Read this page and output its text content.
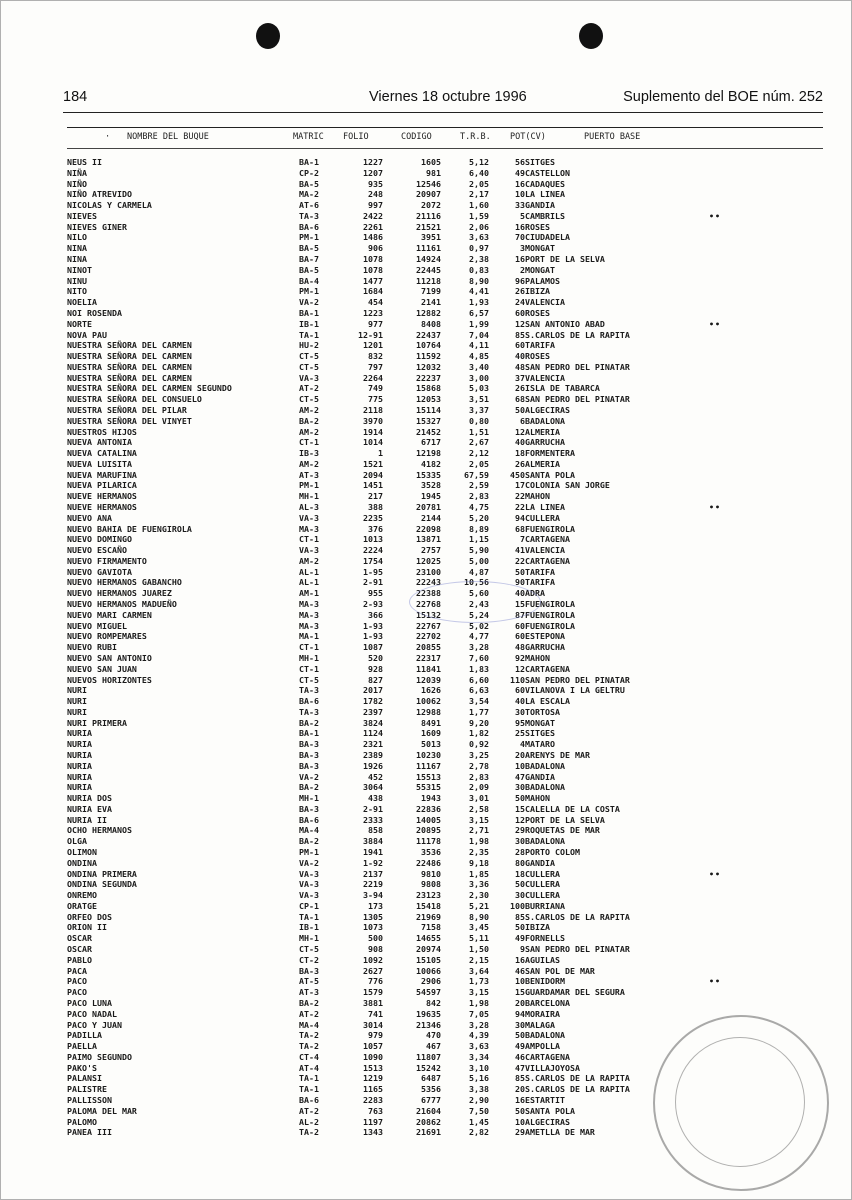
184	Viernes 18 octubre 1996	Suplemento del BOE núm. 252
· NOMBRE DEL BUQUE	MATRIC FOLIO	CODIGO	T.R.B. POT(CV)	PUERTO BASE
NEUS II	BA-1	1227	1605	5,12	56	SITGES	
NIÑA	CP-2	1207	981	6,40	49	CASTELLON	
NIÑO	BA-5	935	12546	2,05	16	CADAQUES	
NIÑO ATREVIDO	MA-2	248	20907	2,17	10	LA LINEA	
NICOLAS Y CARMELA	AT-6	997	2072	1,60	33	GANDIA	
NIEVES	TA-3	2422	21116	1,59	5	CAMBRILS	••
NIEVES GINER	BA-6	2261	21521	2,06	16	ROSES	
NILO	PM-1	1486	3951	3,63	70	CIUDADELA	
NINA	BA-5	906	11161	0,97	3	MONGAT	
NINA	BA-7	1078	14924	2,38	16	PORT DE LA SELVA	
NINOT	BA-5	1078	22445	0,83	2	MONGAT	
NINU	BA-4	1477	11218	8,90	96	PALAMOS	
NITO	PM-1	1684	7199	4,41	26	IBIZA	
NOELIA	VA-2	454	2141	1,93	24	VALENCIA	
NOI ROSENDA	BA-1	1223	12882	6,57	60	ROSES	
NORTE	IB-1	977	8408	1,99	12	SAN ANTONIO ABAD	••
NOVA PAU	TA-1	12-91	22437	7,04	85	S.CARLOS DE LA RAPITA	
NUESTRA SEÑORA DEL CARMEN	HU-2	1201	10764	4,11	60	TARIFA	
NUESTRA SEÑORA DEL CARMEN	CT-5	832	11592	4,85	40	ROSES	
NUESTRA SEÑORA DEL CARMEN	CT-5	797	12032	3,40	48	SAN PEDRO DEL PINATAR	
NUESTRA SEÑORA DEL CARMEN	VA-3	2264	22237	3,00	37	VALENCIA	
NUESTRA SEÑORA DEL CARMEN SEGUNDO	AT-2	749	15868	5,03	26	ISLA DE TABARCA	
NUESTRA SEÑORA DEL CONSUELO	CT-5	775	12053	3,51	68	SAN PEDRO DEL PINATAR	
NUESTRA SEÑORA DEL PILAR	AM-2	2118	15114	3,37	50	ALGECIRAS	
NUESTRA SEÑORA DEL VINYET	BA-2	3970	15327	0,80	6	BADALONA	
NUESTROS HIJOS	AM-2	1914	21452	1,51	12	ALMERIA	
NUEVA ANTONIA	CT-1	1014	6717	2,67	40	GARRUCHA	
NUEVA CATALINA	IB-3	1	12198	2,12	18	FORMENTERA	
NUEVA LUISITA	AM-2	1521	4182	2,05	26	ALMERIA	
NUEVA MARUFINA	AT-3	2094	15335	67,59	450	SANTA POLA	
NUEVA PILARICA	PM-1	1451	3528	2,59	17	COLONIA SAN JORGE	
NUEVE HERMANOS	MH-1	217	1945	2,83	22	MAHON	
NUEVE HERMANOS	AL-3	388	20781	4,75	22	LA LINEA	••
NUEVO ANA	VA-3	2235	2144	5,20	94	CULLERA	
NUEVO BAHIA DE FUENGIROLA	MA-3	376	22098	8,89	68	FUENGIROLA	
NUEVO DOMINGO	CT-1	1013	13871	1,15	7	CARTAGENA	
NUEVO ESCAÑO	VA-3	2224	2757	5,90	41	VALENCIA	
NUEVO FIRMAMENTO	AM-2	1754	12025	5,00	22	CARTAGENA	
NUEVO GAVIOTA	AL-1	1-95	23100	4,87	50	TARIFA	
NUEVO HERMANOS GABANCHO	AL-1	2-91	22243	10,56	90	TARIFA	
NUEVO HERMANOS JUAREZ	AM-1	955	22388	5,60	40	ADRA	
NUEVO HERMANOS MADUEÑO	MA-3	2-93	22768	2,43	15	FUENGIROLA	
NUEVO MARI CARMEN	MA-3	366	15132	5,24	87	FUENGIROLA	
NUEVO MIGUEL	MA-3	1-93	22767	5,02	60	FUENGIROLA	
NUEVO ROMPEMARES	MA-1	1-93	22702	4,77	60	ESTEPONA	
NUEVO RUBI	CT-1	1087	20855	3,28	48	GARRUCHA	
NUEVO SAN ANTONIO	MH-1	520	22317	7,60	92	MAHON	
NUEVO SAN JUAN	CT-1	928	11841	1,83	12	CARTAGENA	
NUEVOS HORIZONTES	CT-5	827	12039	6,60	110	SAN PEDRO DEL PINATAR	
NURI	TA-3	2017	1626	6,63	60	VILANOVA I LA GELTRU	
NURI	BA-6	1782	10062	3,54	40	LA ESCALA	
NURI	TA-3	2397	12988	1,77	30	TORTOSA	
NURI PRIMERA	BA-2	3824	8491	9,20	95	MONGAT	
NURIA	BA-1	1124	1609	1,82	25	SITGES	
NURIA	BA-3	2321	5013	0,92	4	MATARO	
NURIA	BA-3	2389	10230	3,25	20	ARENYS DE MAR	
NURIA	BA-3	1926	11167	2,78	10	BADALONA	
NURIA	VA-2	452	15513	2,83	47	GANDIA	
NURIA	BA-2	3064	55315	2,09	30	BADALONA	
NURIA DOS	MH-1	438	1943	3,01	50	MAHON	
NURIA EVA	BA-3	2-91	22836	2,58	15	CALELLA DE LA COSTA	
NURIA II	BA-6	2333	14005	3,15	12	PORT DE LA SELVA	
OCHO HERMANOS	MA-4	858	20895	2,71	29	ROQUETAS DE MAR	
OLGA	BA-2	3884	11178	1,98	30	BADALONA	
OLIMON	PM-1	1941	3536	2,35	28	PORTO COLOM	
ONDINA	VA-2	1-92	22486	9,18	80	GANDIA	
ONDINA PRIMERA	VA-3	2137	9810	1,85	18	CULLERA	••
ONDINA SEGUNDA	VA-3	2219	9808	3,36	50	CULLERA	
ONREMO	VA-3	3-94	23123	2,30	30	CULLERA	
ORATGE	CP-1	173	15418	5,21	100	BURRIANA	
ORFEO DOS	TA-1	1305	21969	8,90	85	S.CARLOS DE LA RAPITA	
ORION II	IB-1	1073	7158	3,45	50	IBIZA	
OSCAR	MH-1	500	14655	5,11	49	FORNELLS	
OSCAR	CT-5	908	20974	1,50	9	SAN PEDRO DEL PINATAR	
PABLO	CT-2	1092	15105	2,15	16	AGUILAS	
PACA	BA-3	2627	10066	3,64	46	SAN POL DE MAR	
PACO	AT-5	776	2906	1,73	10	BENIDORM	••
PACO	AT-3	1579	54597	3,15	15	GUARDAMAR DEL SEGURA	
PACO LUNA	BA-2	3881	842	1,98	20	BARCELONA	
PACO NADAL	AT-2	741	19635	7,05	94	MORAIRA	
PACO Y JUAN	MA-4	3014	21346	3,28	30	MALAGA	
PADILLA	TA-2	979	470	4,39	50	BADALONA	
PAELLA	TA-2	1057	467	3,63	49	AMPOLLA	
PAIMO SEGUNDO	CT-4	1090	11807	3,34	46	CARTAGENA	
PAKO'S	AT-4	1513	15242	3,10	47	VILLAJOYOSA	
PALANSI	TA-1	1219	6487	5,16	85	S.CARLOS DE LA RAPITA	
PALISTRE	TA-1	1165	5356	3,38	20	S.CARLOS DE LA RAPITA	
PALLISSON	BA-6	2283	6777	2,90	16	ESTARTIT	
PALOMA DEL MAR	AT-2	763	21604	7,50	50	SANTA POLA	
PALOMO	AL-2	1197	20862	1,45	10	ALGECIRAS	
PANEA III	TA-2	1343	21691	2,82	29	AMETLLA DE MAR	
